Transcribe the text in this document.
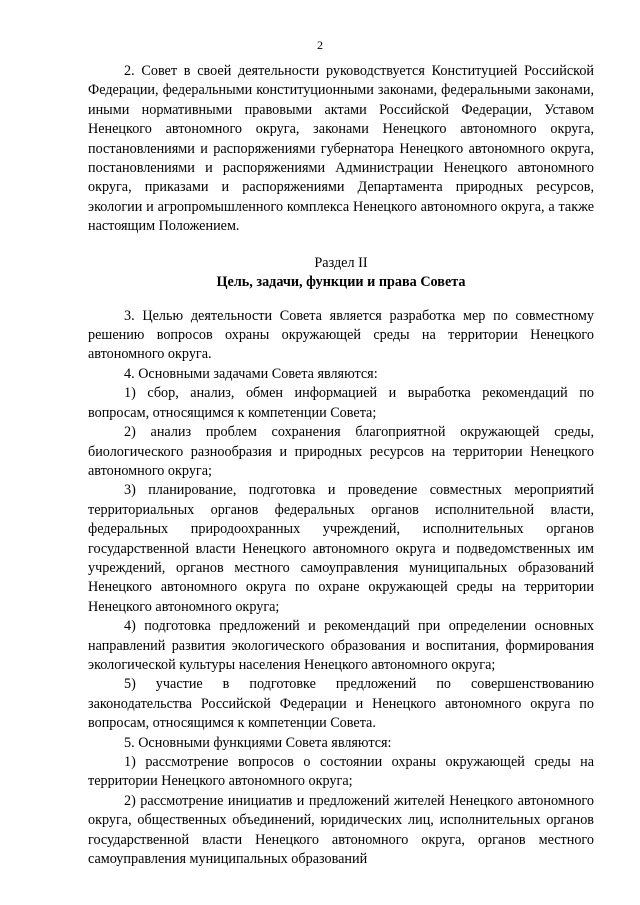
2

2. Совет в своей деятельности руководствуется Конституцией Российской Федерации, федеральными конституционными законами, федеральными законами, иными нормативными правовыми актами Российской Федерации, Уставом Ненецкого автономного округа, законами Ненецкого автономного округа, постановлениями и распоряжениями губернатора Ненецкого автономного округа, постановлениями и распоряжениями Администрации Ненецкого автономного округа, приказами и распоряжениями Департамента природных ресурсов, экологии и агропромышленного комплекса Ненецкого автономного округа, а также настоящим Положением.

Раздел II
Цель, задачи, функции и права Совета

3. Целью деятельности Совета является разработка мер по совместному решению вопросов охраны окружающей среды на территории Ненецкого автономного округа.

4. Основными задачами Совета являются:

1) сбор, анализ, обмен информацией и выработка рекомендаций по вопросам, относящимся к компетенции Совета;

2) анализ проблем сохранения благоприятной окружающей среды, биологического разнообразия и природных ресурсов на территории Ненецкого автономного округа;

3) планирование, подготовка и проведение совместных мероприятий территориальных органов федеральных органов исполнительной власти, федеральных природоохранных учреждений, исполнительных органов государственной власти Ненецкого автономного округа и подведомственных им учреждений, органов местного самоуправления муниципальных образований Ненецкого автономного округа по охране окружающей среды на территории Ненецкого автономного округа;

4) подготовка предложений и рекомендаций при определении основных направлений развития экологического образования и воспитания, формирования экологической культуры населения Ненецкого автономного округа;

5) участие в подготовке предложений по совершенствованию законодательства Российской Федерации и Ненецкого автономного округа по вопросам, относящимся к компетенции Совета.

5. Основными функциями Совета являются:

1) рассмотрение вопросов о состоянии охраны окружающей среды на территории Ненецкого автономного округа;

2) рассмотрение инициатив и предложений жителей Ненецкого автономного округа, общественных объединений, юридических лиц, исполнительных органов государственной власти Ненецкого автономного округа, органов местного самоуправления муниципальных образований
